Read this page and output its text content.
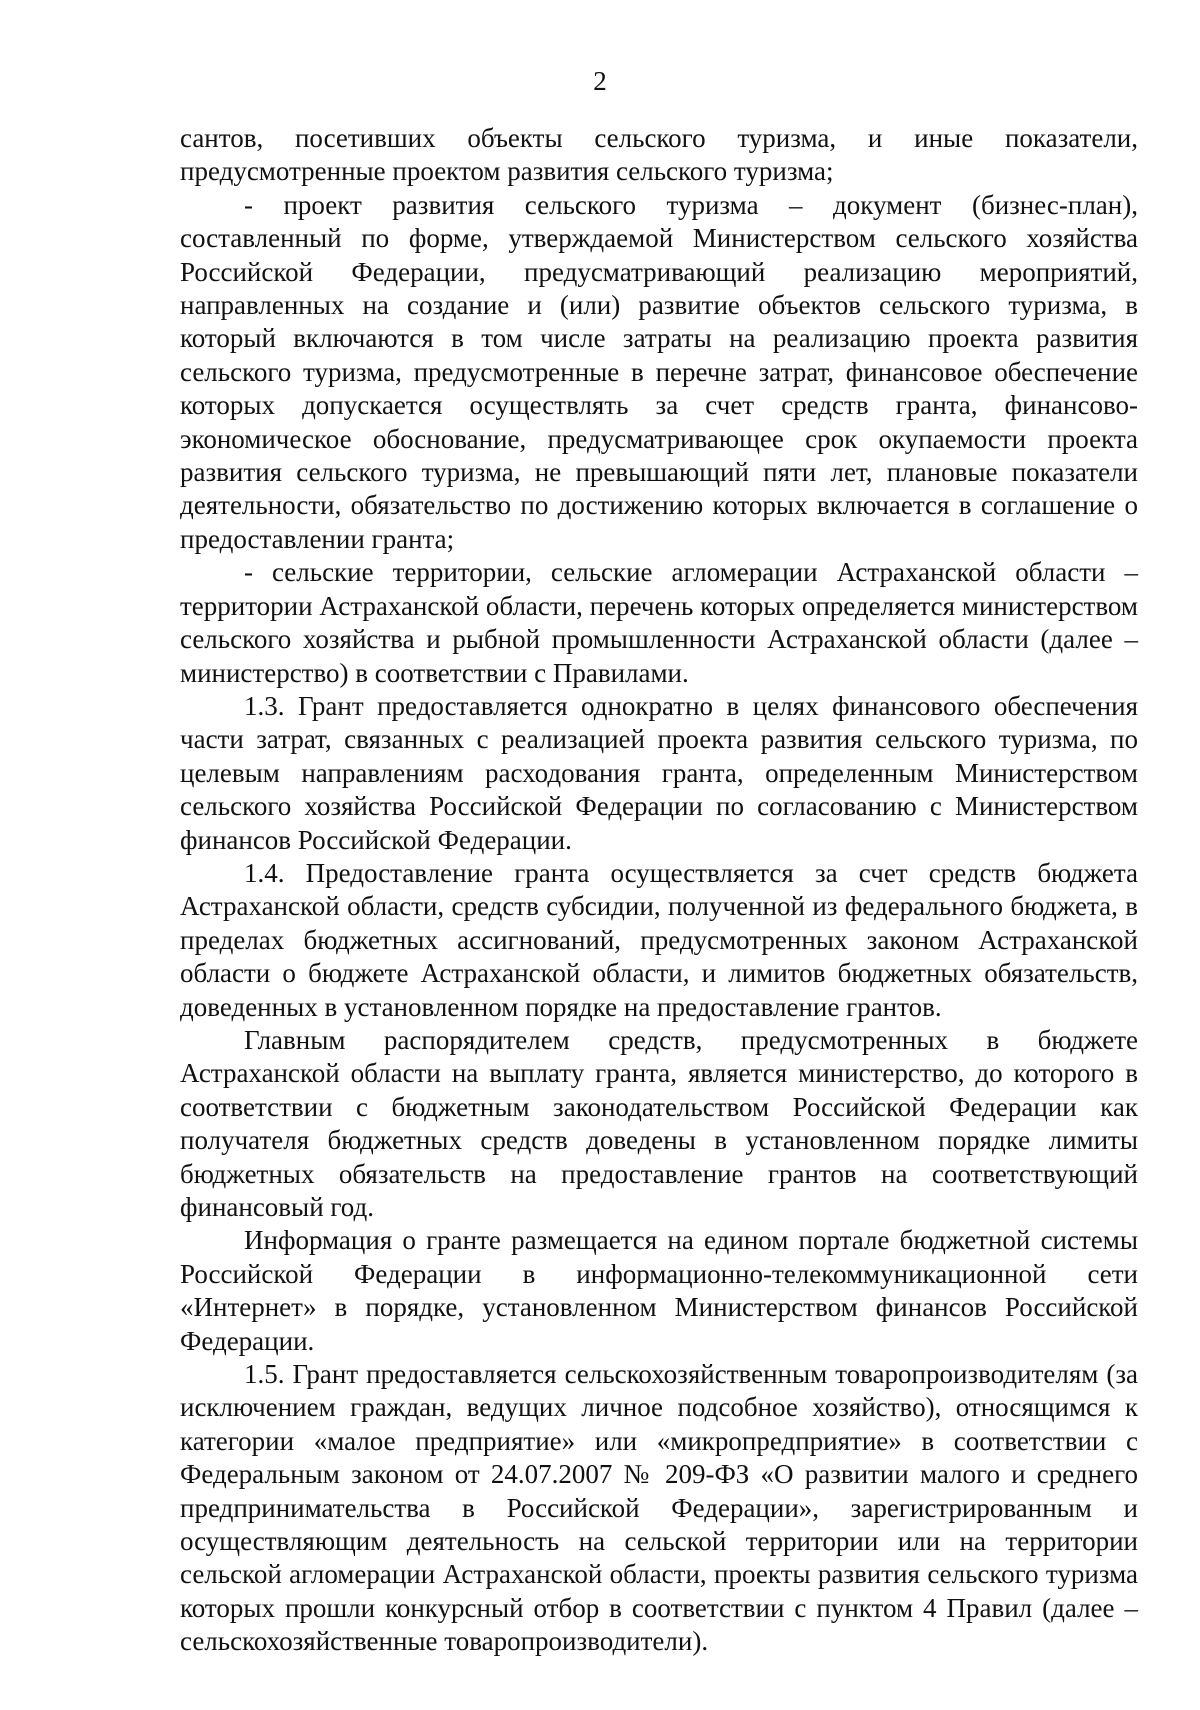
2

сантов, посетивших объекты сельского туризма, и иные показатели, предусмотренные проектом развития сельского туризма;

- проект развития сельского туризма – документ (бизнес-план), составленный по форме, утверждаемой Министерством сельского хозяйства Российской Федерации, предусматривающий реализацию мероприятий, направленных на создание и (или) развитие объектов сельского туризма, в который включаются в том числе затраты на реализацию проекта развития сельского туризма, предусмотренные в перечне затрат, финансовое обеспечение которых допускается осуществлять за счет средств гранта, финансово-экономическое обоснование, предусматривающее срок окупаемости проекта развития сельского туризма, не превышающий пяти лет, плановые показатели деятельности, обязательство по достижению которых включается в соглашение о предоставлении гранта;

- сельские территории, сельские агломерации Астраханской области – территории Астраханской области, перечень которых определяется министерством сельского хозяйства и рыбной промышленности Астраханской области (далее – министерство) в соответствии с Правилами.

1.3. Грант предоставляется однократно в целях финансового обеспечения части затрат, связанных с реализацией проекта развития сельского туризма, по целевым направлениям расходования гранта, определенным Министерством сельского хозяйства Российской Федерации по согласованию с Министерством финансов Российской Федерации.

1.4. Предоставление гранта осуществляется за счет средств бюджета Астраханской области, средств субсидии, полученной из федерального бюджета, в пределах бюджетных ассигнований, предусмотренных законом Астраханской области о бюджете Астраханской области, и лимитов бюджетных обязательств, доведенных в установленном порядке на предоставление грантов.

Главным распорядителем средств, предусмотренных в бюджете Астраханской области на выплату гранта, является министерство, до которого в соответствии с бюджетным законодательством Российской Федерации как получателя бюджетных средств доведены в установленном порядке лимиты бюджетных обязательств на предоставление грантов на соответствующий финансовый год.

Информация о гранте размещается на едином портале бюджетной системы Российской Федерации в информационно-телекоммуникационной сети «Интернет» в порядке, установленном Министерством финансов Российской Федерации.

1.5. Грант предоставляется сельскохозяйственным товаропроизводителям (за исключением граждан, ведущих личное подсобное хозяйство), относящимся к категории «малое предприятие» или «микропредприятие» в соответствии с Федеральным законом от 24.07.2007 № 209-ФЗ «О развитии малого и среднего предпринимательства в Российской Федерации», зарегистрированным и осуществляющим деятельность на сельской территории или на территории сельской агломерации Астраханской области, проекты развития сельского туризма которых прошли конкурсный отбор в соответствии с пунктом 4 Правил (далее – сельскохозяйственные товаропроизводители).
